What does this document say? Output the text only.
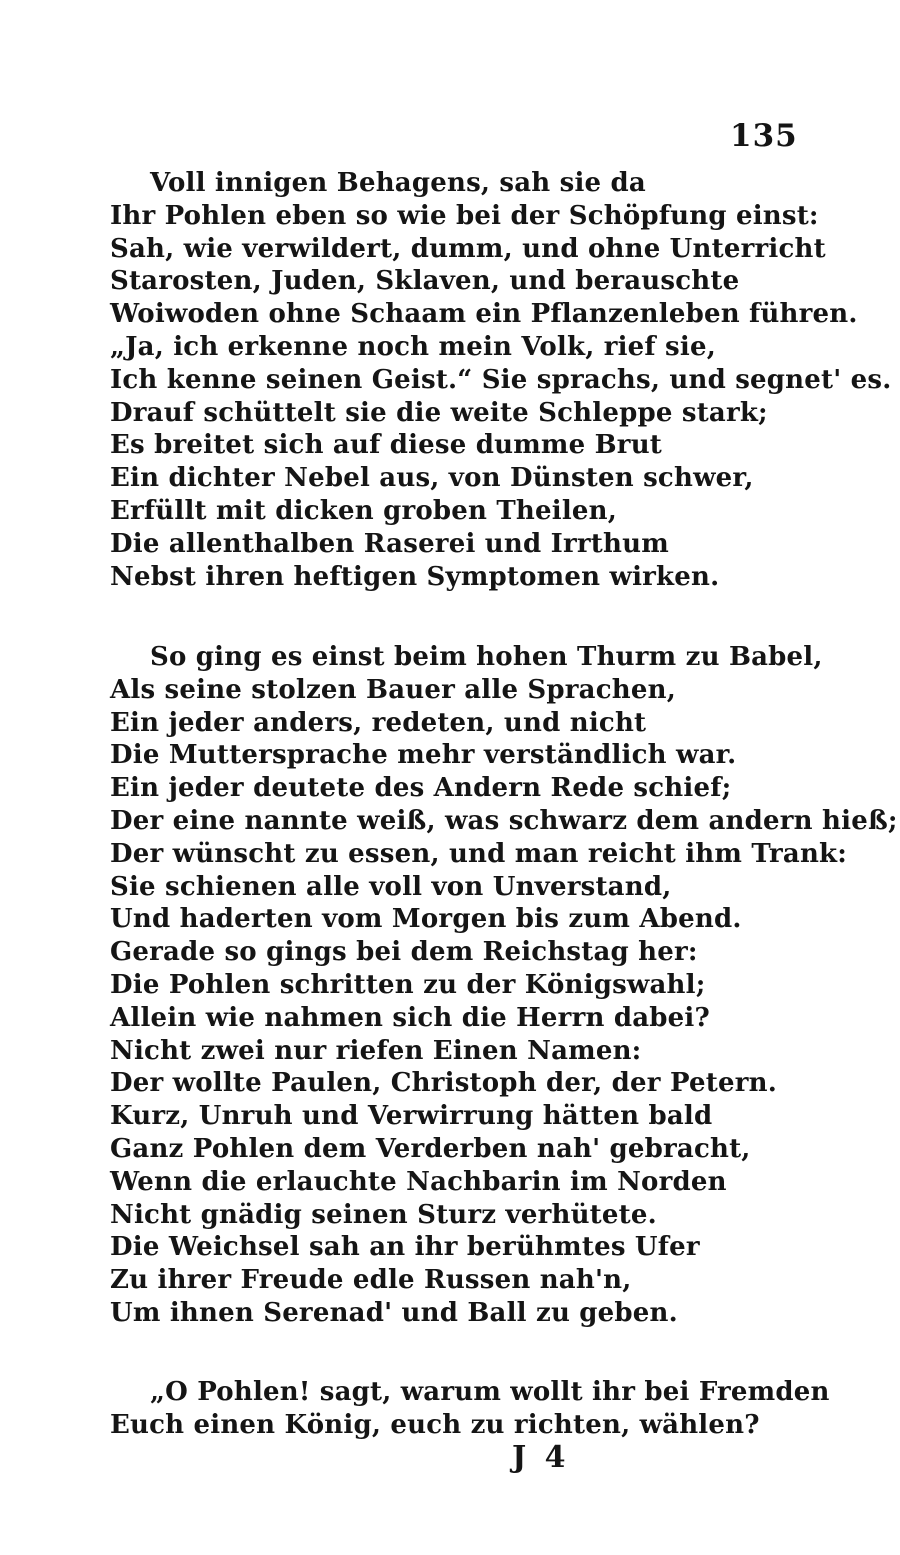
135
Voll innigen Behagens, sah sie da
Ihr Pohlen eben so wie bei der Schöpfung einst:
Sah, wie verwildert, dumm, und ohne Unterricht
Starosten, Juden, Sklaven, und berauschte
Woiwoden ohne Schaam ein Pflanzenleben führen.
„Ja, ich erkenne noch mein Volk, rief sie,
Ich kenne seinen Geist.“ Sie sprachs, und segnet' es.
Drauf schüttelt sie die weite Schleppe stark;
Es breitet sich auf diese dumme Brut
Ein dichter Nebel aus, von Dünsten schwer,
Erfüllt mit dicken groben Theilen,
Die allenthalben Raserei und Irrthum
Nebst ihren heftigen Symptomen wirken.
So ging es einst beim hohen Thurm zu Babel,
Als seine stolzen Bauer alle Sprachen,
Ein jeder anders, redeten, und nicht
Die Muttersprache mehr verständlich war.
Ein jeder deutete des Andern Rede schief;
Der eine nannte weiß, was schwarz dem andern hieß;
Der wünscht zu essen, und man reicht ihm Trank:
Sie schienen alle voll von Unverstand,
Und haderten vom Morgen bis zum Abend.
Gerade so gings bei dem Reichstag her:
Die Pohlen schritten zu der Königswahl;
Allein wie nahmen sich die Herrn dabei?
Nicht zwei nur riefen Einen Namen:
Der wollte Paulen, Christoph der, der Petern.
Kurz, Unruh und Verwirrung hätten bald
Ganz Pohlen dem Verderben nah' gebracht,
Wenn die erlauchte Nachbarin im Norden
Nicht gnädig seinen Sturz verhütete.
Die Weichsel sah an ihr berühmtes Ufer
Zu ihrer Freude edle Russen nah'n,
Um ihnen Serenad' und Ball zu geben.
„O Pohlen! sagt, warum wollt ihr bei Fremden
Euch einen König, euch zu richten, wählen?
J 4
